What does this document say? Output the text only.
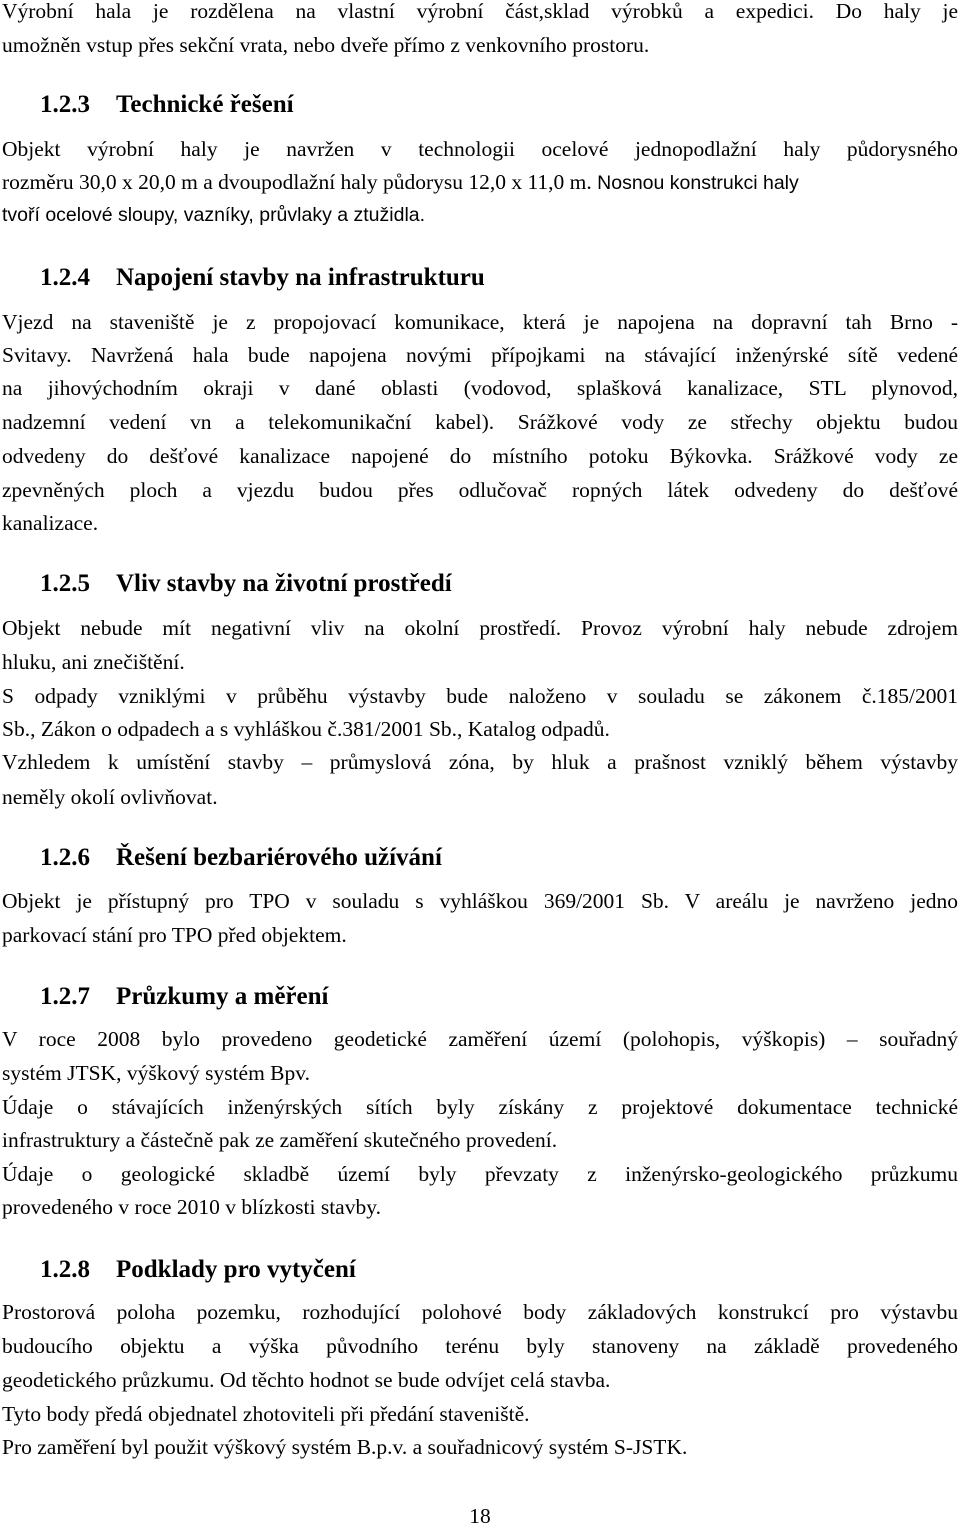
Výrobní hala je rozdělena na vlastní výrobní část,sklad výrobků a expedici. Do haly je
umožněn vstup přes sekční vrata, nebo dveře přímo z venkovního prostoru.
1.2.3 Technické řešení
Objekt výrobní haly je navržen v technologii ocelové jednopodlažní haly půdorysného
rozměru 30,0 x 20,0 m a dvoupodlažní haly půdorysu 12,0 x 11,0 m. Nosnou konstrukci haly
tvoří ocelové sloupy, vazníky, průvlaky a ztužidla.
1.2.4 Napojení stavby na infrastrukturu
Vjezd na staveniště je z propojovací komunikace, která je napojena na dopravní tah Brno -
Svitavy. Navržená hala bude napojena novými přípojkami na stávající inženýrské sítě vedené
na jihovýchodním okraji v dané oblasti (vodovod, splašková kanalizace, STL plynovod,
nadzemní vedení vn a telekomunikační kabel). Srážkové vody ze střechy objektu budou
odvedeny do dešťové kanalizace napojené do místního potoku Býkovka. Srážkové vody ze
zpevněných ploch a vjezdu budou přes odlučovač ropných látek odvedeny do dešťové
kanalizace.
1.2.5 Vliv stavby na životní prostředí
Objekt nebude mít negativní vliv na okolní prostředí. Provoz výrobní haly nebude zdrojem
hluku, ani znečištění.
S odpady vzniklými v průběhu výstavby bude naloženo v souladu se zákonem č.185/2001
Sb., Zákon o odpadech a s vyhláškou č.381/2001 Sb., Katalog odpadů.
Vzhledem k umístění stavby – průmyslová zóna, by hluk a prašnost vzniklý během výstavby
neměly okolí ovlivňovat.
1.2.6 Řešení bezbariérového užívání
Objekt je přístupný pro TPO v souladu s vyhláškou 369/2001 Sb. V areálu je navrženo jedno
parkovací stání pro TPO před objektem.
1.2.7 Průzkumy a měření
V roce 2008 bylo provedeno geodetické zaměření území (polohopis, výškopis) – souřadný
systém JTSK, výškový systém Bpv.
Údaje o stávajících inženýrských sítích byly získány z projektové dokumentace technické
infrastruktury a částečně pak ze zaměření skutečného provedení.
Údaje o geologické skladbě území byly převzaty z inženýrsko-geologického průzkumu
provedeného v roce 2010 v blízkosti stavby.
1.2.8 Podklady pro vytyčení
Prostorová poloha pozemku, rozhodující polohové body základových konstrukcí pro výstavbu
budoucího objektu a výška původního terénu byly stanoveny na základě provedeného
geodetického průzkumu. Od těchto hodnot se bude odvíjet celá stavba.
Tyto body předá objednatel zhotoviteli při předání staveniště.
Pro zaměření byl použit výškový systém B.p.v. a souřadnicový systém S-JSTK.
18
